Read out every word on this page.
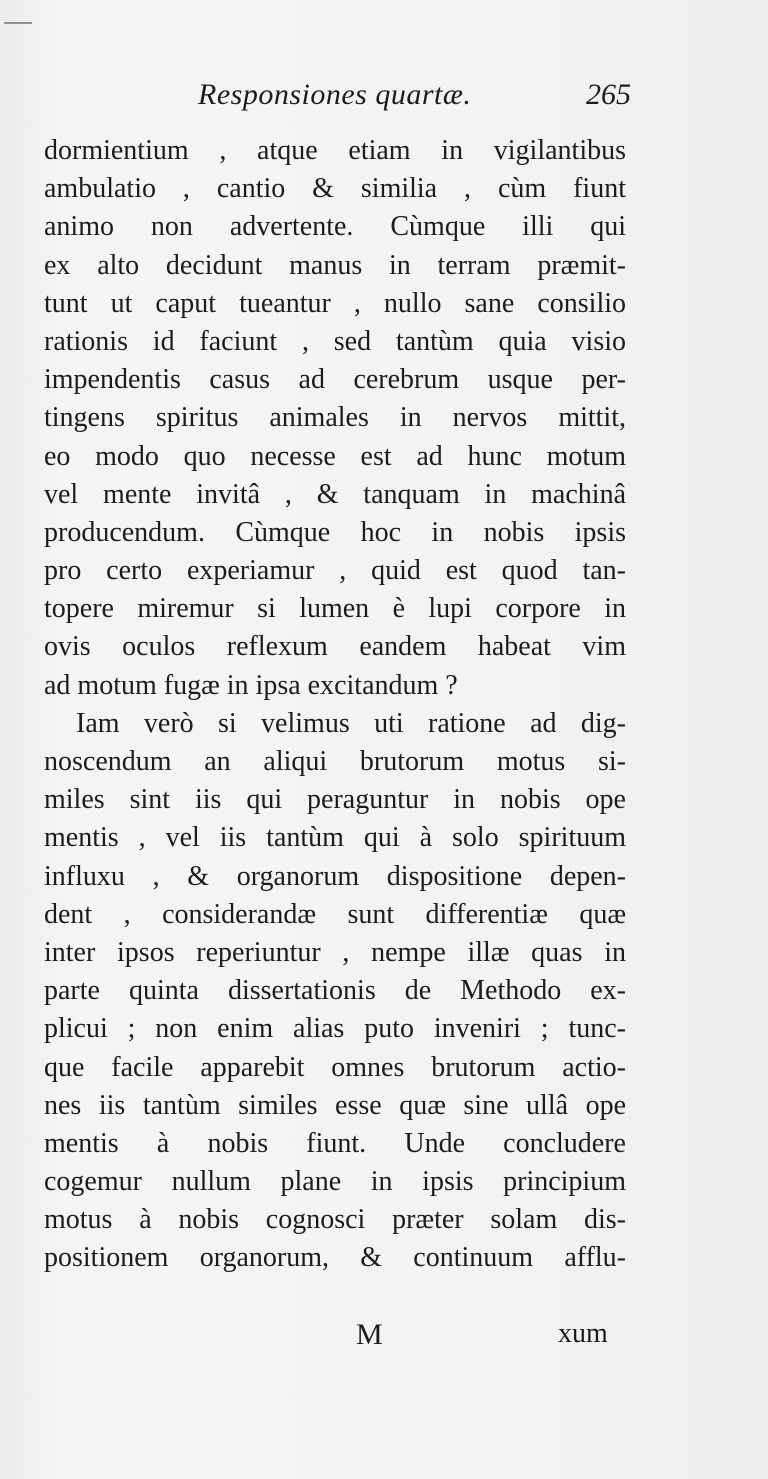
Responsiones quartæ.	265
dormientium , atque etiam in vigilantibus
ambulatio , cantio & similia , cùm fiunt
animo non advertente. Cùmque illi qui
ex alto decidunt manus in terram præmit-
tunt ut caput tueantur , nullo sane consilio
rationis id faciunt , sed tantùm quia visio
impendentis casus ad cerebrum usque per-
tingens spiritus animales in nervos mittit,
eo modo quo necesse est ad hunc motum
vel mente invitâ , & tanquam in machinâ
producendum. Cùmque hoc in nobis ipsis
pro certo experiamur , quid est quod tan-
topere miremur si lumen è lupi corpore in
ovis oculos reflexum eandem habeat vim
ad motum fugæ in ipsa excitandum ?
Iam verò si velimus uti ratione ad dig-
noscendum an aliqui brutorum motus si-
miles sint iis qui peraguntur in nobis ope
mentis , vel iis tantùm qui à solo spirituum
influxu , & organorum dispositione depen-
dent , considerandæ sunt differentiæ quæ
inter ipsos reperiuntur , nempe illæ quas in
parte quinta dissertationis de Methodo ex-
plicui ; non enim alias puto inveniri ; tunc-
que facile apparebit omnes brutorum actio-
nes iis tantùm similes esse quæ sine ullâ ope
mentis à nobis fiunt. Unde concludere
cogemur nullum plane in ipsis principium
motus à nobis cognosci præter solam dis-
positionem organorum, & continuum afflu-
M	xum
